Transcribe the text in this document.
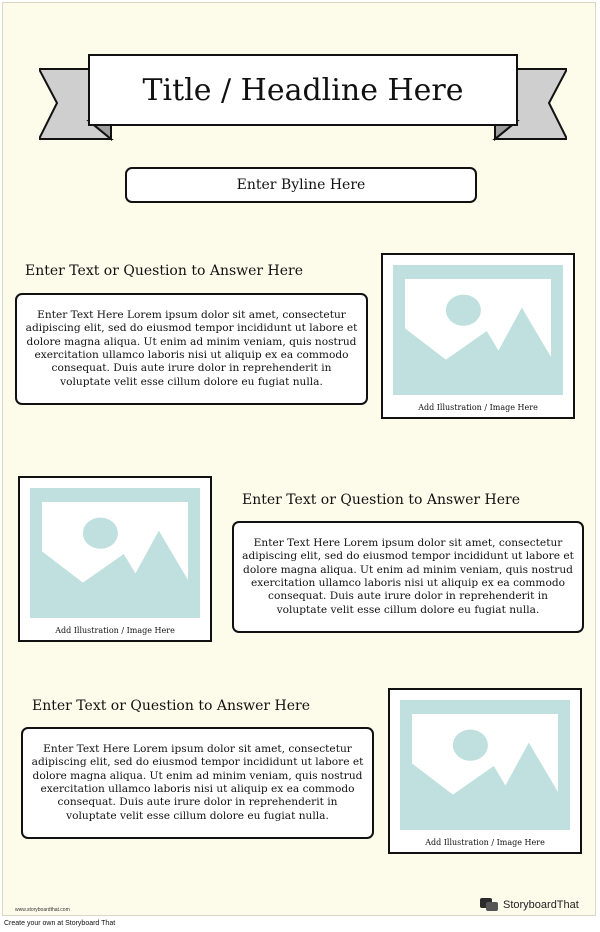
Title / Headline Here
Enter Byline Here
Enter Text or Question to Answer Here
Enter Text Here Lorem ipsum dolor sit amet, consectetur adipiscing elit, sed do eiusmod tempor incididunt ut labore et dolore magna aliqua. Ut enim ad minim veniam, quis nostrud exercitation ullamco laboris nisi ut aliquip ex ea commodo consequat. Duis aute irure dolor in reprehenderit in voluptate velit esse cillum dolore eu fugiat nulla.
Add Illustration / Image Here
Add Illustration / Image Here
Enter Text or Question to Answer Here
Enter Text Here Lorem ipsum dolor sit amet, consectetur adipiscing elit, sed do eiusmod tempor incididunt ut labore et dolore magna aliqua. Ut enim ad minim veniam, quis nostrud exercitation ullamco laboris nisi ut aliquip ex ea commodo consequat. Duis aute irure dolor in reprehenderit in voluptate velit esse cillum dolore eu fugiat nulla.
Enter Text or Question to Answer Here
Enter Text Here Lorem ipsum dolor sit amet, consectetur adipiscing elit, sed do eiusmod tempor incididunt ut labore et dolore magna aliqua. Ut enim ad minim veniam, quis nostrud exercitation ullamco laboris nisi ut aliquip ex ea commodo consequat. Duis aute irure dolor in reprehenderit in voluptate velit esse cillum dolore eu fugiat nulla.
Add Illustration / Image Here
www.storyboardthat.com	StoryboardThat
Create your own at Storyboard That
